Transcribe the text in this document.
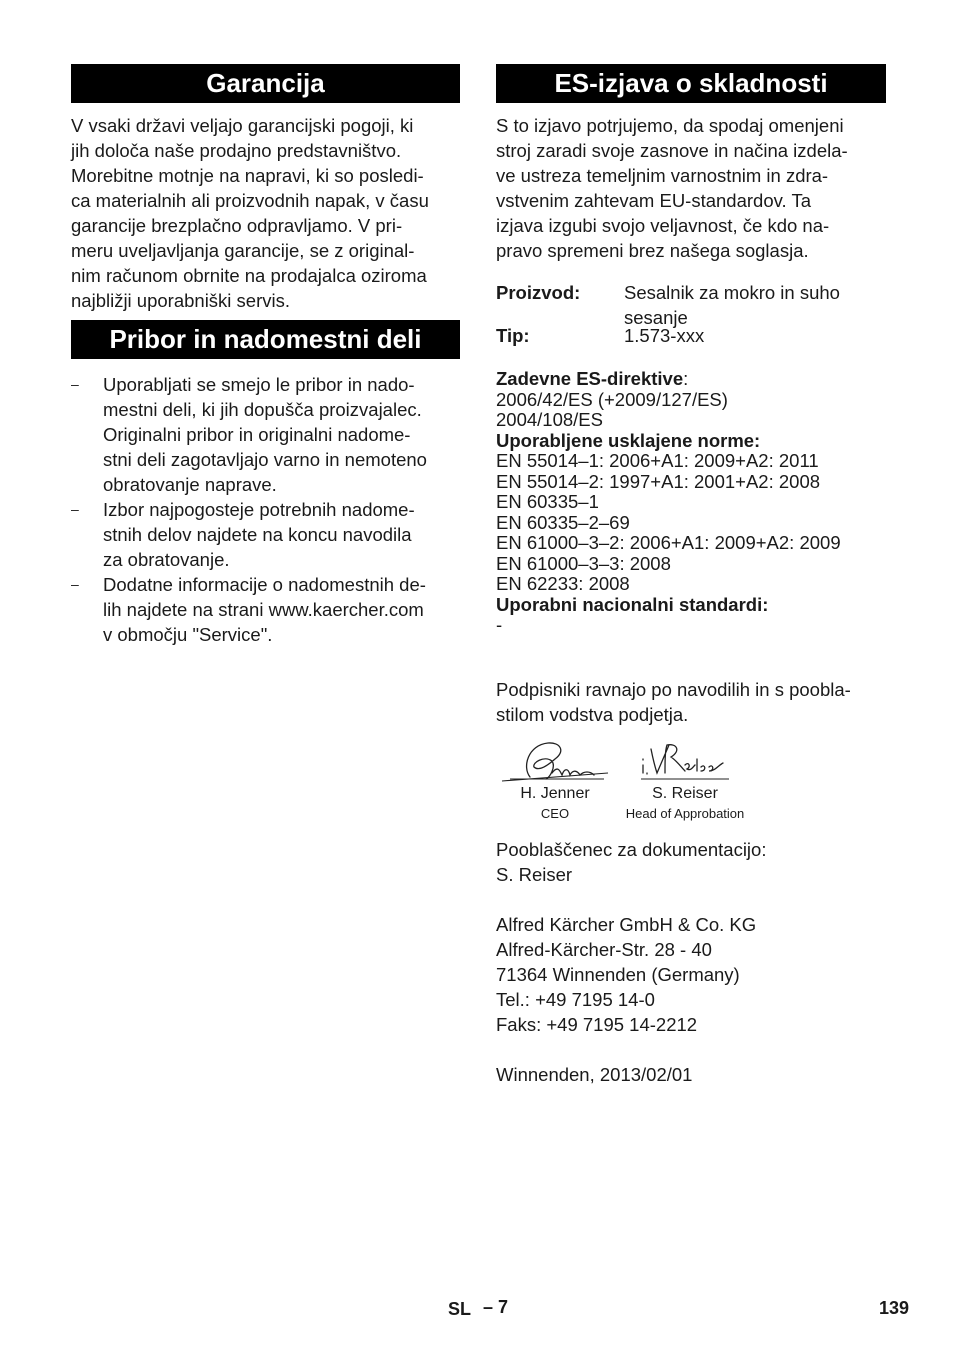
Garancija

V vsaki državi veljajo garancijski pogoji, ki
jih določa naše prodajno predstavništvo.
Morebitne motnje na napravi, ki so posledi-
ca materialnih ali proizvodnih napak, v času
garancije brezplačno odpravljamo. V pri-
meru uveljavljanja garancije, se z original-
nim računom obrnite na prodajalca oziroma
najbližji uporabniški servis.

Pribor in nadomestni deli
– Uporabljati se smejo le pribor in nado-
mestni deli, ki jih dopušča proizvajalec.
Originalni pribor in originalni nadome-
stni deli zagotavljajo varno in nemoteno
obratovanje naprave.
– Izbor najpogosteje potrebnih nadome-
stnih delov najdete na koncu navodila
za obratovanje.
– Dodatne informacije o nadomestnih de-
lih najdete na strani www.kaercher.com
v območju "Service".
ES-izjava o skladnosti

S to izjavo potrjujemo, da spodaj omenjeni
stroj zaradi svoje zasnove in načina izdela-
ve ustreza temeljnim varnostnim in zdra-
vstvenim zahtevam EU-standardov. Ta
izjava izgubi svojo veljavnost, če kdo na-
pravo spremeni brez našega soglasja.

Proizvod:	Sesalnik za mokro in suho
sesanje
Tip:	1.573-xxx
Zadevne ES-direktive:
2006/42/ES (+2009/127/ES)
2004/108/ES
Uporabljene usklajene norme:
EN 55014–1: 2006+A1: 2009+A2: 2011
EN 55014–2: 1997+A1: 2001+A2: 2008
EN 60335–1
EN 60335–2–69
EN 61000–3–2: 2006+A1: 2009+A2: 2009
EN 61000–3–3: 2008
EN 62233: 2008
Uporabni nacionalni standardi:
-

Podpisniki ravnajo po navodilih in s poobla-
stilom vodstva podjetja.

H. Jenner
CEO
S. Reiser
Head of Approbation

Pooblaščenec za dokumentacijo:
S. Reiser

Alfred Kärcher GmbH & Co. KG
Alfred-Kärcher-Str. 28 - 40
71364 Winnenden (Germany)
Tel.: +49 7195 14-0
Faks: +49 7195 14-2212

Winnenden, 2013/02/01

SL – 7	139
